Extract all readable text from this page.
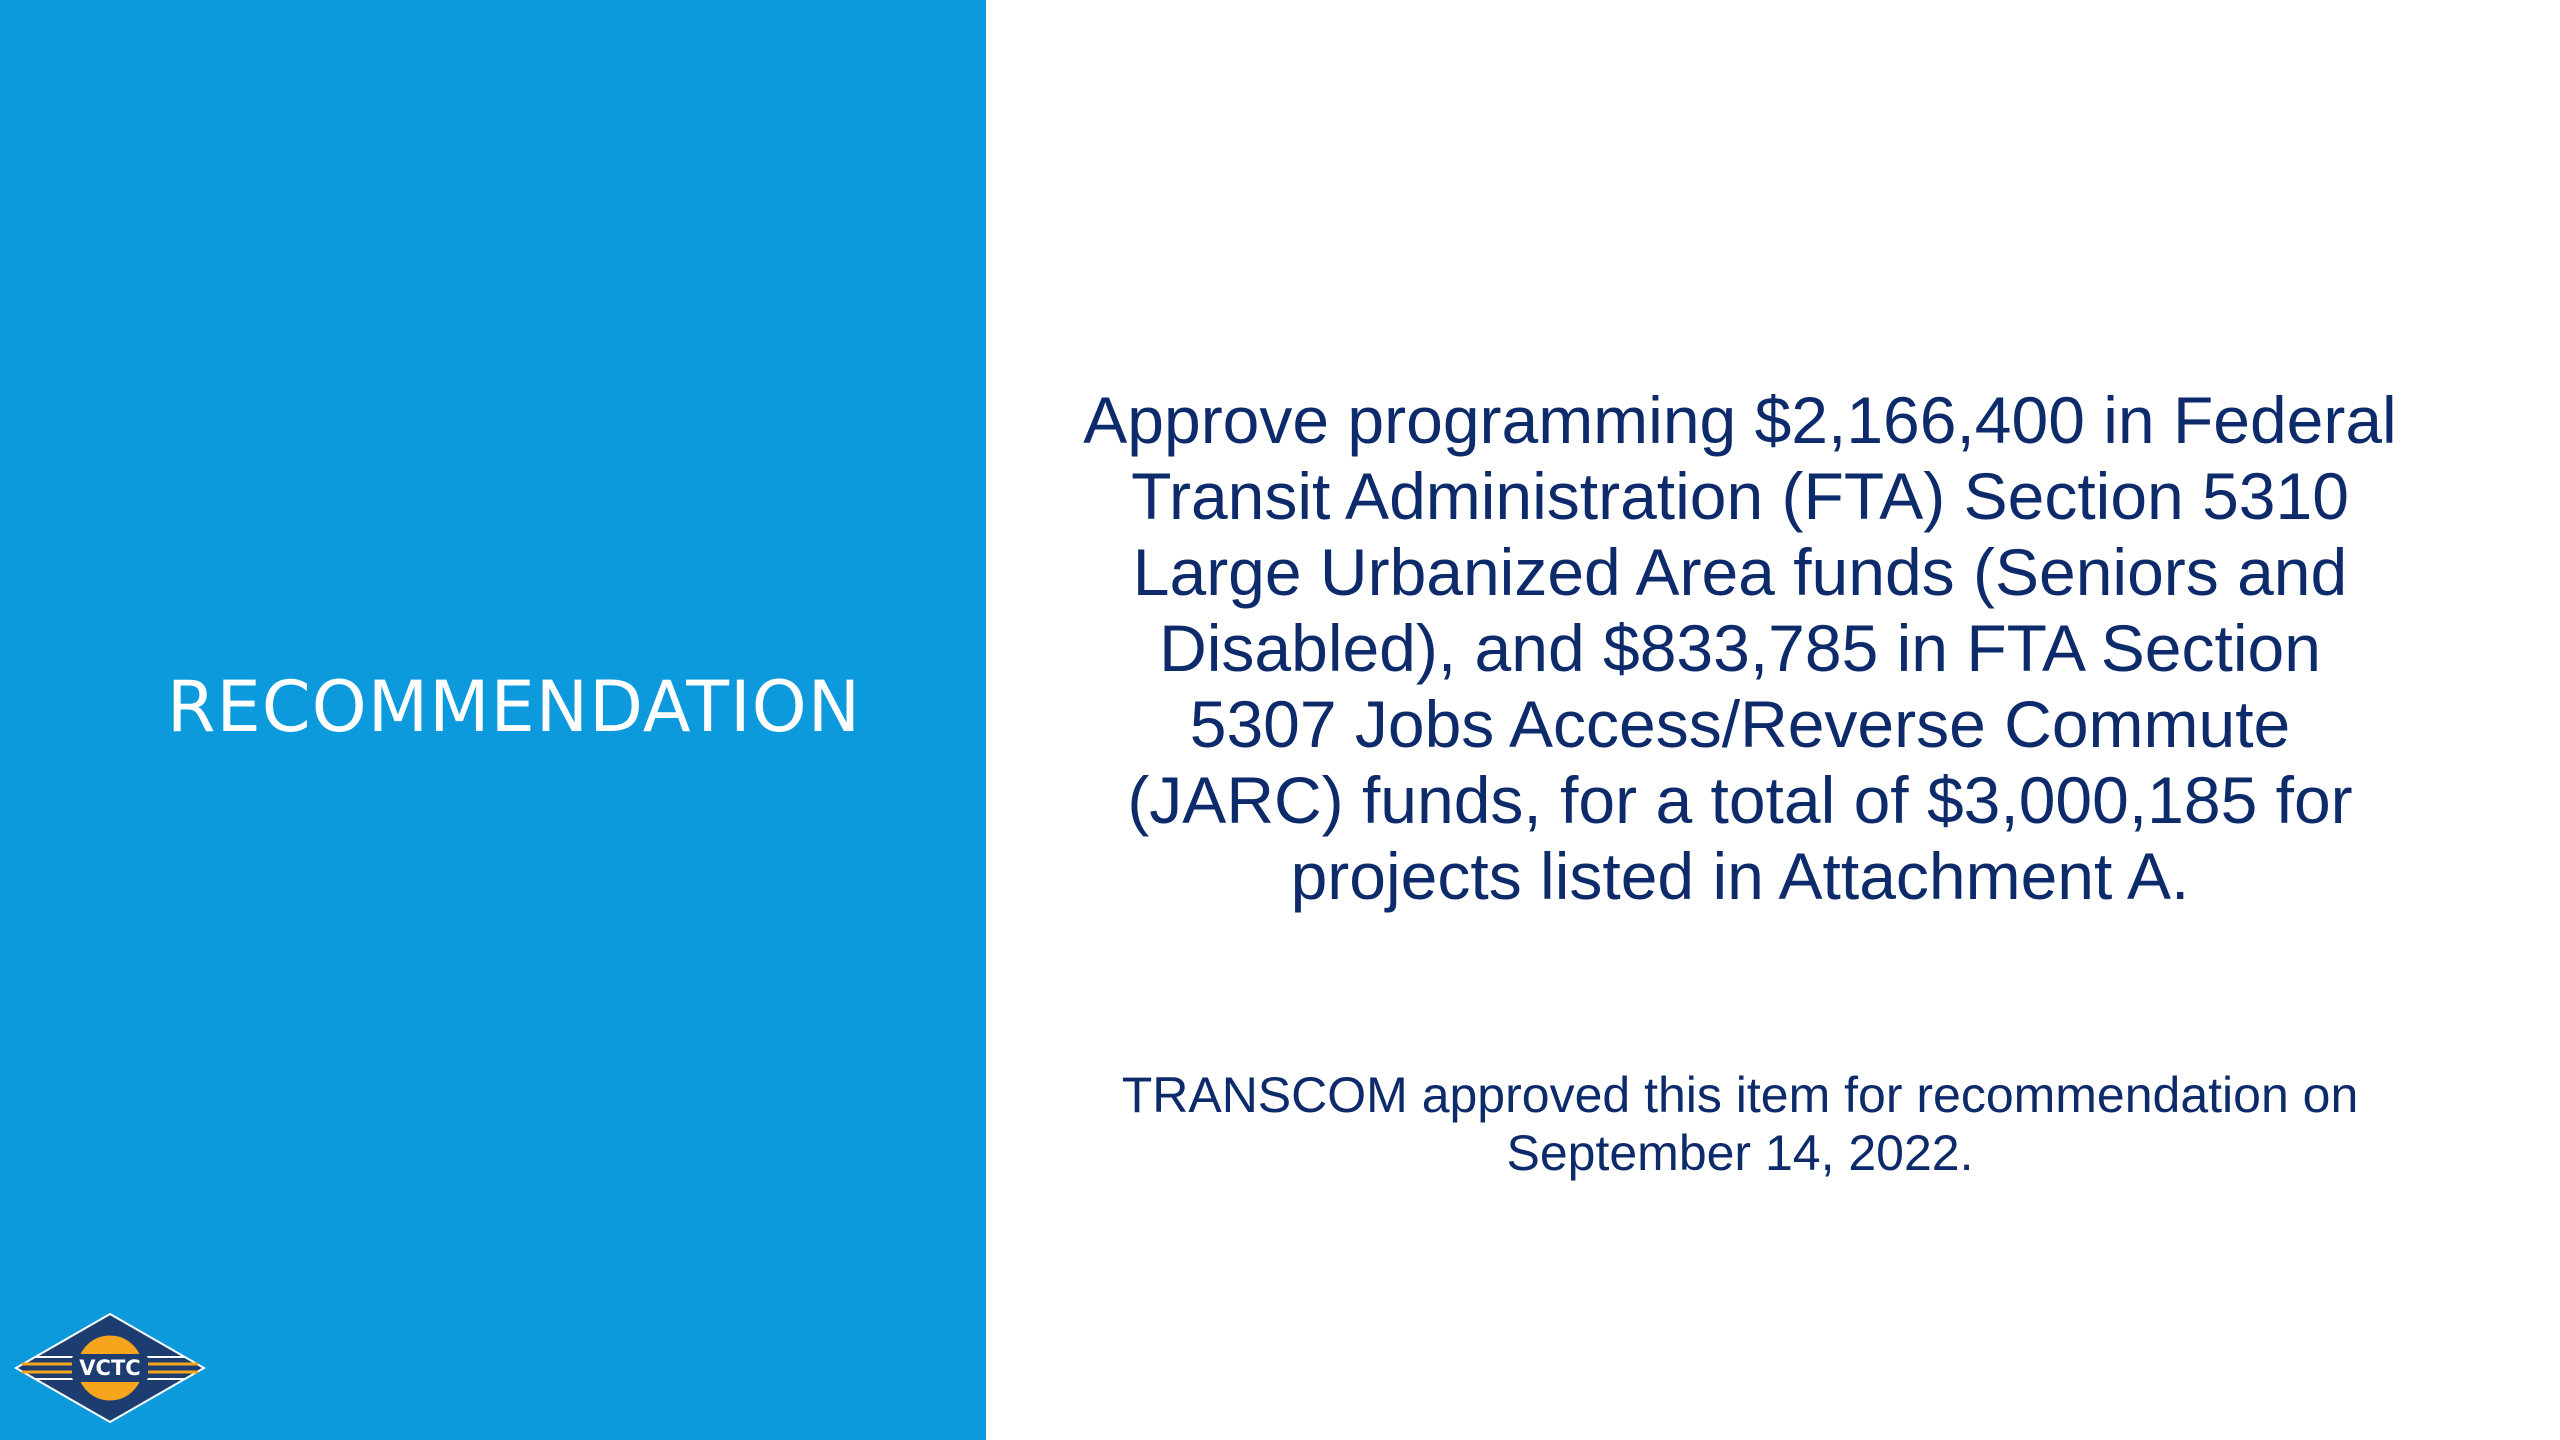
RECOMMENDATION
VCTC

Approve programming $2,166,400 in Federal Transit Administration (FTA) Section 5310 Large Urbanized Area funds (Seniors and Disabled), and $833,785 in FTA Section 5307 Jobs Access/Reverse Commute (JARC) funds, for a total of $3,000,185 for projects listed in Attachment A.

TRANSCOM approved this item for recommendation on September 14, 2022.
